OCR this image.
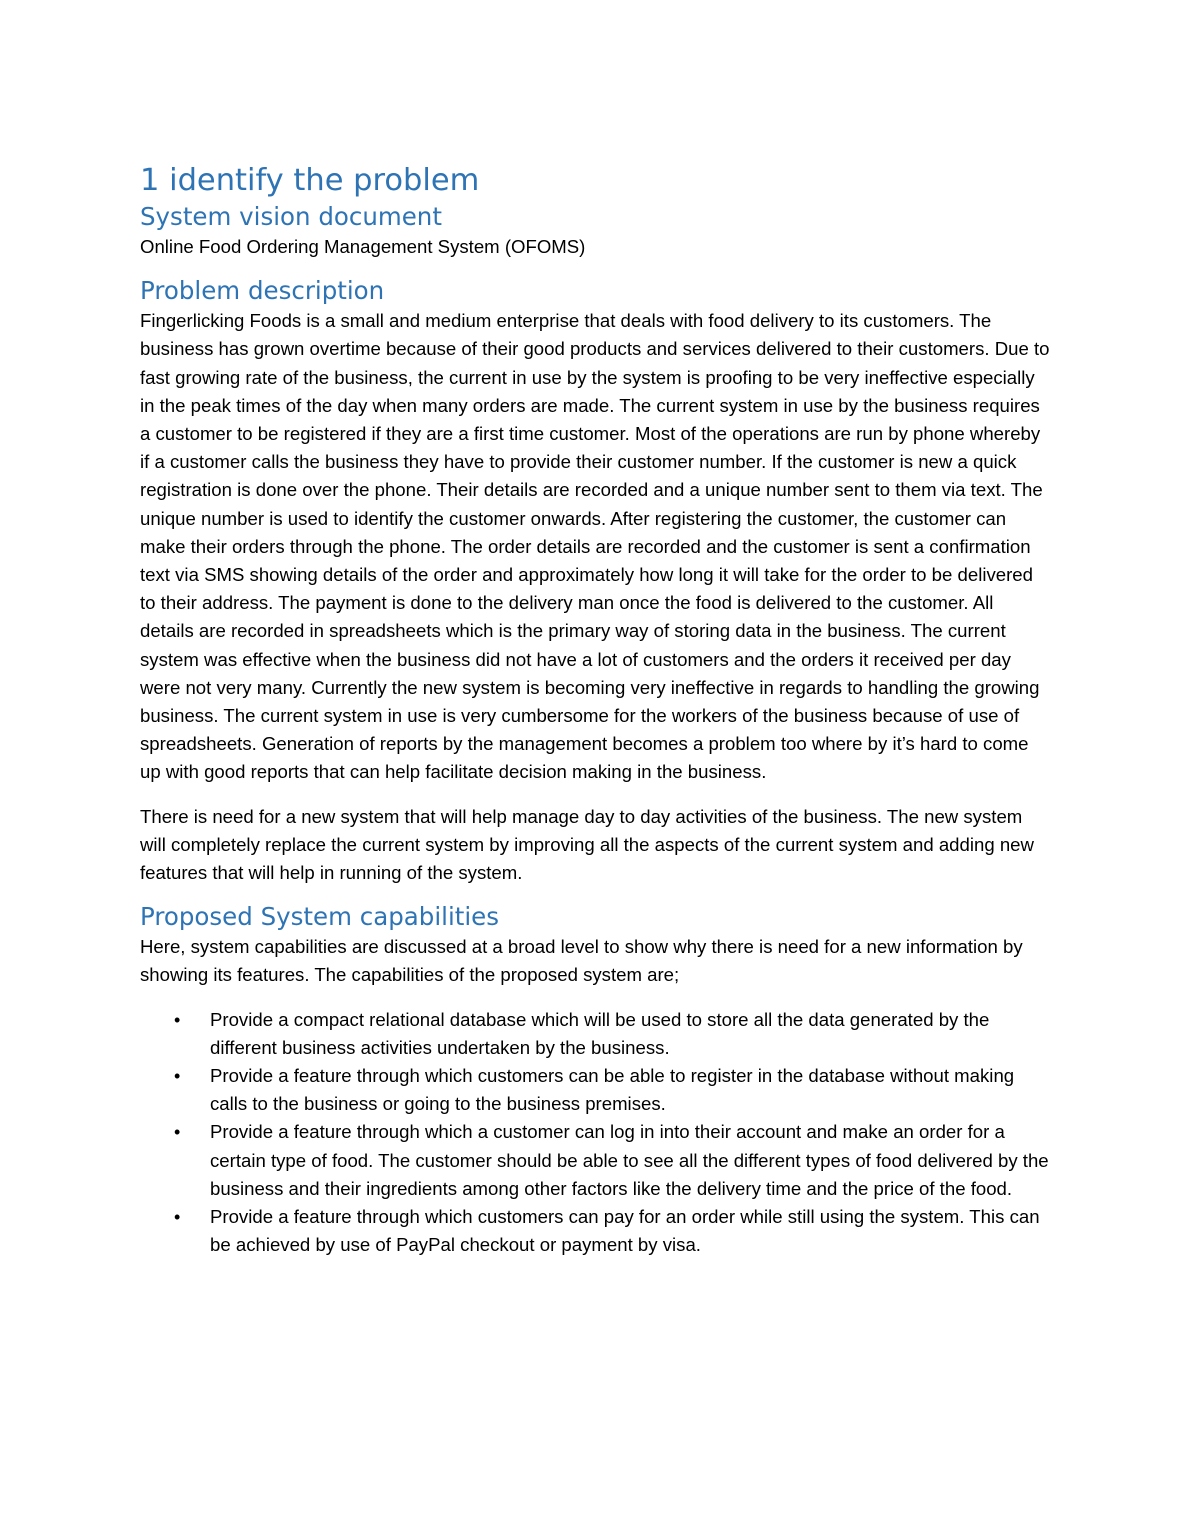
1 identify the problem
System vision document

Online Food Ordering Management System (OFOMS)

Problem description

Fingerlicking Foods is a small and medium enterprise that deals with food delivery to its customers. The business has grown overtime because of their good products and services delivered to their customers. Due to fast growing rate of the business, the current in use by the system is proofing to be very ineffective especially in the peak times of the day when many orders are made. The current system in use by the business requires a customer to be registered if they are a first time customer. Most of the operations are run by phone whereby if a customer calls the business they have to provide their customer number. If the customer is new a quick registration is done over the phone. Their details are recorded and a unique number sent to them via text. The unique number is used to identify the customer onwards. After registering the customer, the customer can make their orders through the phone. The order details are recorded and the customer is sent a confirmation text via SMS showing details of the order and approximately how long it will take for the order to be delivered to their address. The payment is done to the delivery man once the food is delivered to the customer. All details are recorded in spreadsheets which is the primary way of storing data in the business. The current system was effective when the business did not have a lot of customers and the orders it received per day were not very many. Currently the new system is becoming very ineffective in regards to handling the growing business. The current system in use is very cumbersome for the workers of the business because of use of spreadsheets. Generation of reports by the management becomes a problem too where by it’s hard to come up with good reports that can help facilitate decision making in the business.

There is need for a new system that will help manage day to day activities of the business. The new system will completely replace the current system by improving all the aspects of the current system and adding new features that will help in running of the system.

Proposed System capabilities

Here, system capabilities are discussed at a broad level to show why there is need for a new information by showing its features. The capabilities of the proposed system are;

• Provide a compact relational database which will be used to store all the data generated by the different business activities undertaken by the business.
• Provide a feature through which customers can be able to register in the database without making calls to the business or going to the business premises.
• Provide a feature through which a customer can log in into their account and make an order for a certain type of food. The customer should be able to see all the different types of food delivered by the business and their ingredients among other factors like the delivery time and the price of the food.
• Provide a feature through which customers can pay for an order while still using the system. This can be achieved by use of PayPal checkout or payment by visa.
